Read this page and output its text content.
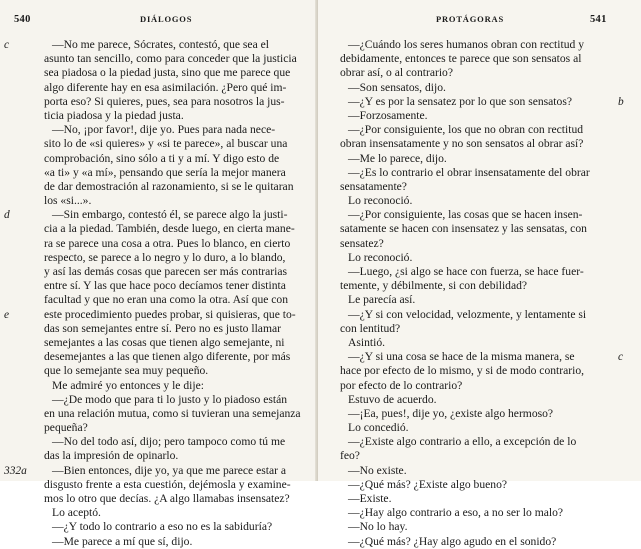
540	DIÁLOGOS
—No me parece, Sócrates, contestó, que sea el
c
asunto tan sencillo, como para conceder que la justicia
sea piadosa o la piedad justa, sino que me parece que
algo diferente hay en esa asimilación. ¿Pero qué im-
porta eso? Si quieres, pues, sea para nosotros la jus-
ticia piadosa y la piedad justa.
—No, ¡por favor!, dije yo. Pues para nada nece-
sito lo de «si quieres» y «si te parece», al buscar una
comprobación, sino sólo a ti y a mí. Y digo esto de
«a ti» y «a mí», pensando que sería la mejor manera
de dar demostración al razonamiento, si se le quitaran
los «si...».
—Sin embargo, contestó él, se parece algo la justi-
d
cia a la piedad. También, desde luego, en cierta mane-
ra se parece una cosa a otra. Pues lo blanco, en cierto
respecto, se parece a lo negro y lo duro, a lo blando,
y así las demás cosas que parecen ser más contrarias
entre sí. Y las que hace poco decíamos tener distinta
facultad y que no eran una como la otra. Así que con
este procedimiento puedes probar, si quisieras, que to-
e
das son semejantes entre sí. Pero no es justo llamar
semejantes a las cosas que tienen algo semejante, ni
desemejantes a las que tienen algo diferente, por más
que lo semejante sea muy pequeño.
Me admiré yo entonces y le dije:
—¿De modo que para ti lo justo y lo piadoso están
en una relación mutua, como si tuvieran una semejanza
pequeña?
—No del todo así, dijo; pero tampoco como tú me
das la impresión de opinarlo.
—Bien entonces, dije yo, ya que me parece estar a
332a
disgusto frente a esta cuestión, dejémosla y examine-
mos lo otro que decías. ¿A algo llamabas insensatez?
Lo aceptó.
—¿Y todo lo contrario a eso no es la sabiduría?
—Me parece a mí que sí, dijo.
PROTÁGORAS	541
—¿Cuándo los seres humanos obran con rectitud y
debidamente, entonces te parece que son sensatos al
obrar así, o al contrario?
—Son sensatos, dijo.
—¿Y es por la sensatez por lo que son sensatos?	b
—Forzosamente.
—¿Por consiguiente, los que no obran con rectitud
obran insensatamente y no son sensatos al obrar así?
—Me lo parece, dijo.
—¿Es lo contrario el obrar insensatamente del obrar
sensatamente?
Lo reconoció.
—¿Por consiguiente, las cosas que se hacen insen-
satamente se hacen con insensatez y las sensatas, con
sensatez?
Lo reconoció.
—Luego, ¿si algo se hace con fuerza, se hace fuer-
temente, y débilmente, si con debilidad?
Le parecía así.
—¿Y si con velocidad, velozmente, y lentamente si
con lentitud?
Asintió.
—¿Y si una cosa se hace de la misma manera, se	c
hace por efecto de lo mismo, y si de modo contrario,
por efecto de lo contrario?
Estuvo de acuerdo.
—¡Ea, pues!, dije yo, ¿existe algo hermoso?
Lo concedió.
—¿Existe algo contrario a ello, a excepción de lo
feo?
—No existe.
—¿Qué más? ¿Existe algo bueno?
—Existe.
—¿Hay algo contrario a eso, a no ser lo malo?
—No lo hay.
—¿Qué más? ¿Hay algo agudo en el sonido?
